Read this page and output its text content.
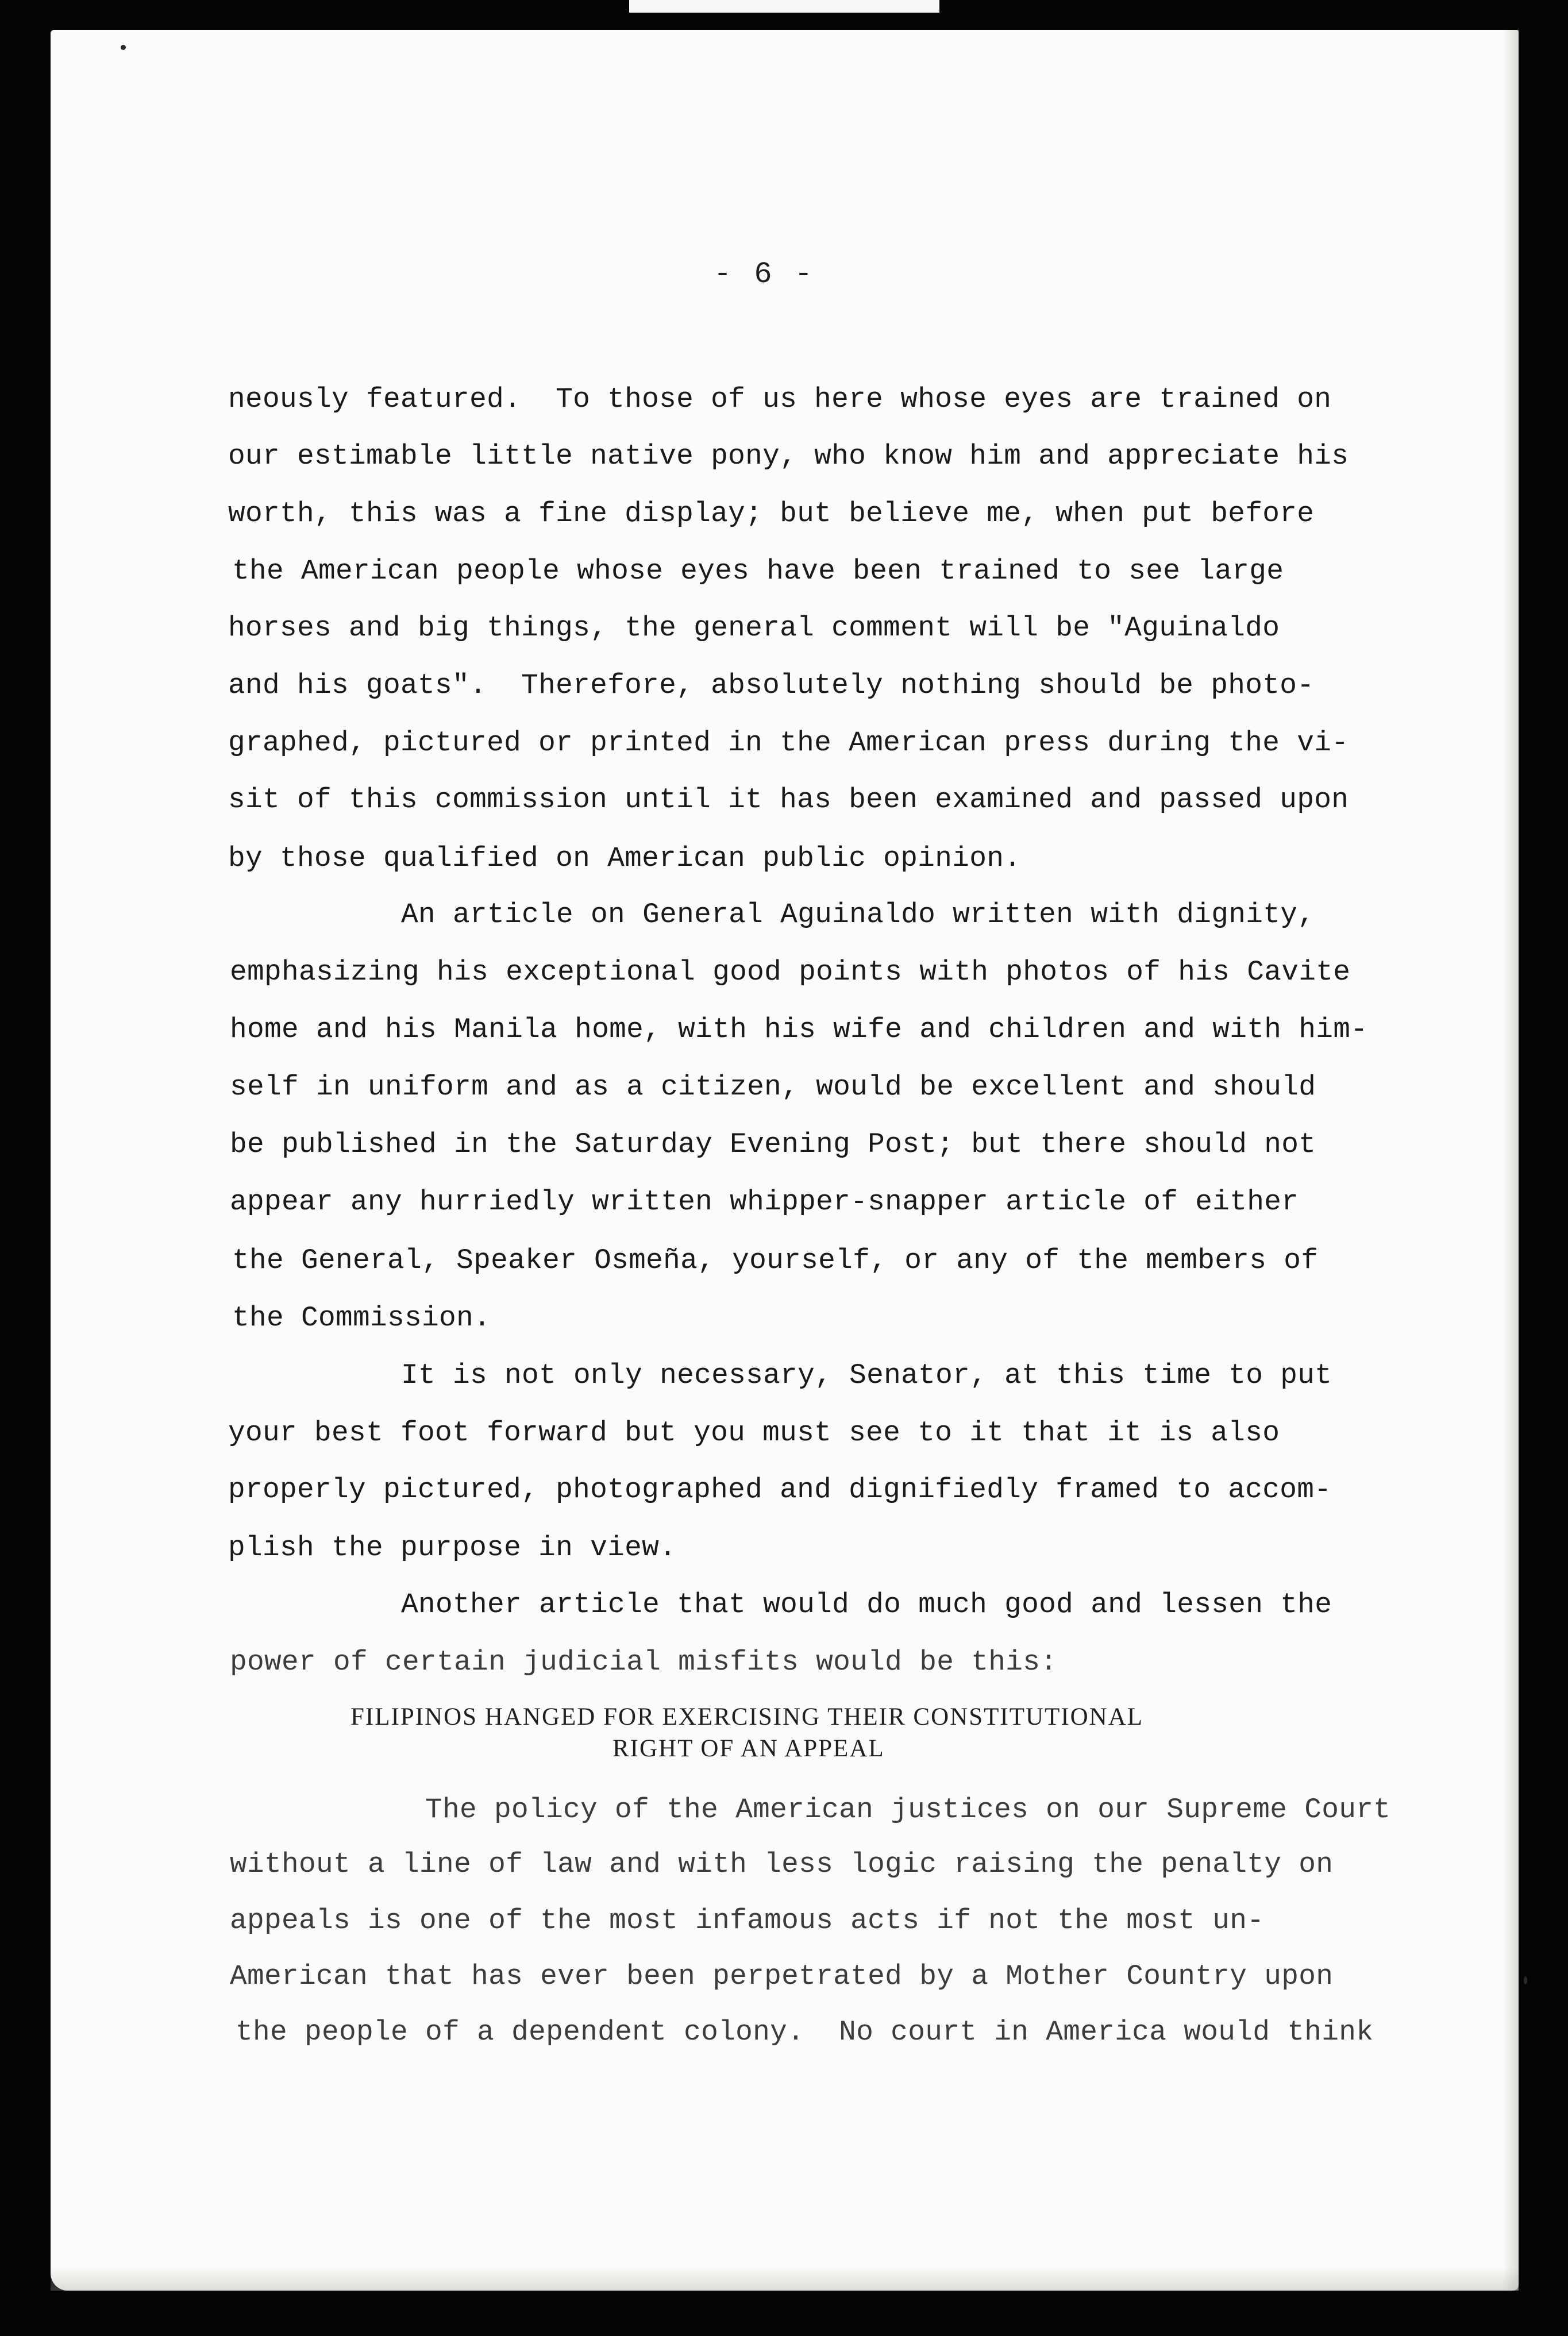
- 6 -

neously featured.  To those of us here whose eyes are trained on

our estimable little native pony, who know him and appreciate his

worth, this was a fine display; but believe me, when put before

the American people whose eyes have been trained to see large

horses and big things, the general comment will be "Aguinaldo

and his goats".  Therefore, absolutely nothing should be photo-

graphed, pictured or printed in the American press during the vi-

sit of this commission until it has been examined and passed upon

by those qualified on American public opinion.

An article on General Aguinaldo written with dignity,

emphasizing his exceptional good points with photos of his Cavite

home and his Manila home, with his wife and children and with him-

self in uniform and as a citizen, would be excellent and should

be published in the Saturday Evening Post; but there should not

appear any hurriedly written whipper-snapper article of either

the General, Speaker Osmeña, yourself, or any of the members of

the Commission.

It is not only necessary, Senator, at this time to put

your best foot forward but you must see to it that it is also

properly pictured, photographed and dignifiedly framed to accom-

plish the purpose in view.

Another article that would do much good and lessen the

power of certain judicial misfits would be this:

FILIPINOS HANGED FOR EXERCISING THEIR CONSTITUTIONAL

RIGHT OF AN APPEAL

The policy of the American justices on our Supreme Court

without a line of law and with less logic raising the penalty on

appeals is one of the most infamous acts if not the most un-

American that has ever been perpetrated by a Mother Country upon

the people of a dependent colony.  No court in America would think
